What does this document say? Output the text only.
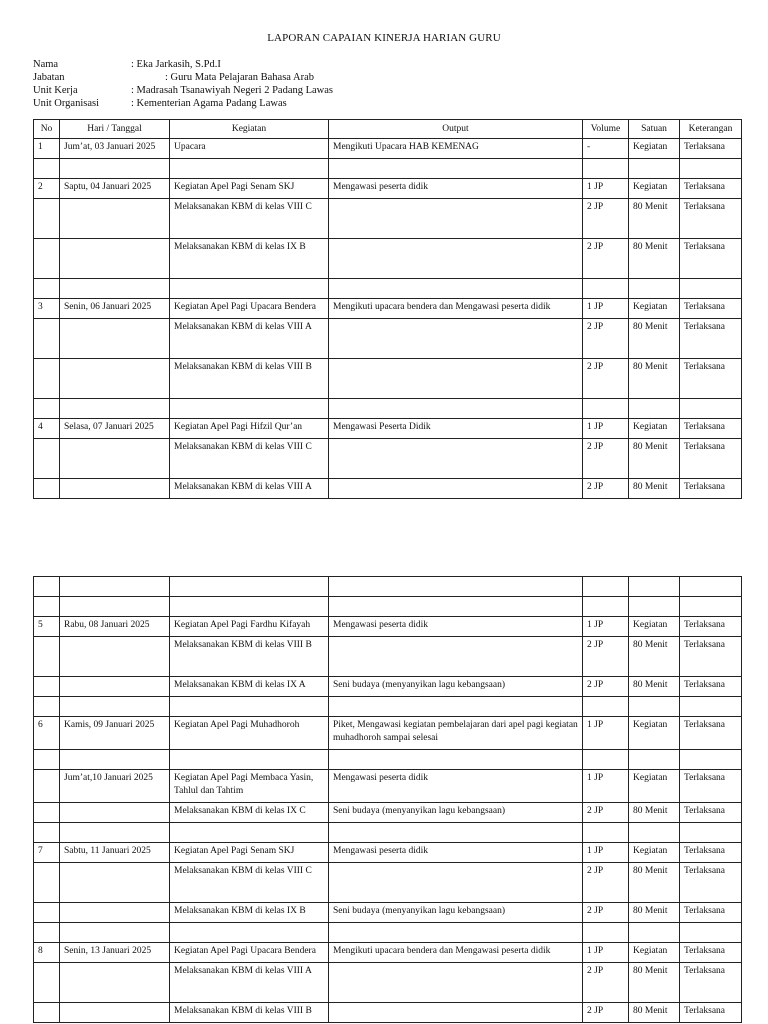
LAPORAN CAPAIAN KINERJA HARIAN GURU
Nama	: Eka Jarkasih, S.Pd.I
Jabatan	: Guru Mata Pelajaran Bahasa Arab
Unit Kerja	: Madrasah Tsanawiyah Negeri 2 Padang Lawas
Unit Organisasi	: Kementerian Agama Padang Lawas
No	Hari / Tanggal	Kegiatan	Output	Volume	Satuan	Keterangan
1	Jum’at, 03 Januari 2025	Upacara	Mengikuti Upacara HAB KEMENAG	-	Kegiatan	Terlaksana

2	Saptu, 04 Januari 2025	Kegiatan Apel Pagi Senam SKJ	Mengawasi peserta didik	1 JP	Kegiatan	Terlaksana
		Melaksanakan KBM di kelas VIII C		2 JP	80 Menit	Terlaksana
		Melaksanakan KBM di kelas IX B		2 JP	80 Menit	Terlaksana

3	Senin, 06 Januari 2025	Kegiatan Apel Pagi Upacara Bendera	Mengikuti upacara bendera dan Mengawasi peserta didik	1 JP	Kegiatan	Terlaksana
		Melaksanakan KBM di kelas VIII A		2 JP	80 Menit	Terlaksana
		Melaksanakan KBM di kelas VIII B		2 JP	80 Menit	Terlaksana

4	Selasa, 07 Januari 2025	Kegiatan Apel Pagi Hifzil Qur’an	Mengawasi Peserta Didik	1 JP	Kegiatan	Terlaksana
		Melaksanakan KBM di kelas VIII C		2 JP	80 Menit	Terlaksana
		Melaksanakan KBM di kelas VIII A		2 JP	80 Menit	Terlaksana

5	Rabu, 08 Januari 2025	Kegiatan Apel Pagi Fardhu Kifayah	Mengawasi peserta didik	1 JP	Kegiatan	Terlaksana
		Melaksanakan KBM di kelas VIII B		2 JP	80 Menit	Terlaksana
		Melaksanakan KBM di kelas IX A	Seni budaya (menyanyikan lagu kebangsaan)	2 JP	80 Menit	Terlaksana

6	Kamis, 09 Januari 2025	Kegiatan Apel Pagi Muhadhoroh	Piket, Mengawasi kegiatan pembelajaran dari apel pagi kegiatan muhadhoroh sampai selesai	1 JP	Kegiatan	Terlaksana

	Jum’at,10 Januari 2025	Kegiatan Apel Pagi Membaca Yasin, Tahlul dan Tahtim	Mengawasi peserta didik	1 JP	Kegiatan	Terlaksana
		Melaksanakan KBM di kelas IX C	Seni budaya (menyanyikan lagu kebangsaan)	2 JP	80 Menit	Terlaksana

7	Sabtu, 11 Januari 2025	Kegiatan Apel Pagi Senam SKJ	Mengawasi peserta didik	1 JP	Kegiatan	Terlaksana
		Melaksanakan KBM di kelas VIII C		2 JP	80 Menit	Terlaksana
		Melaksanakan KBM di kelas IX B	Seni budaya (menyanyikan lagu kebangsaan)	2 JP	80 Menit	Terlaksana

8	Senin, 13 Januari 2025	Kegiatan Apel Pagi Upacara Bendera	Mengikuti upacara bendera dan Mengawasi peserta didik	1 JP	Kegiatan	Terlaksana
		Melaksanakan KBM di kelas VIII A		2 JP	80 Menit	Terlaksana
		Melaksanakan KBM di kelas VIII B		2 JP	80 Menit	Terlaksana
